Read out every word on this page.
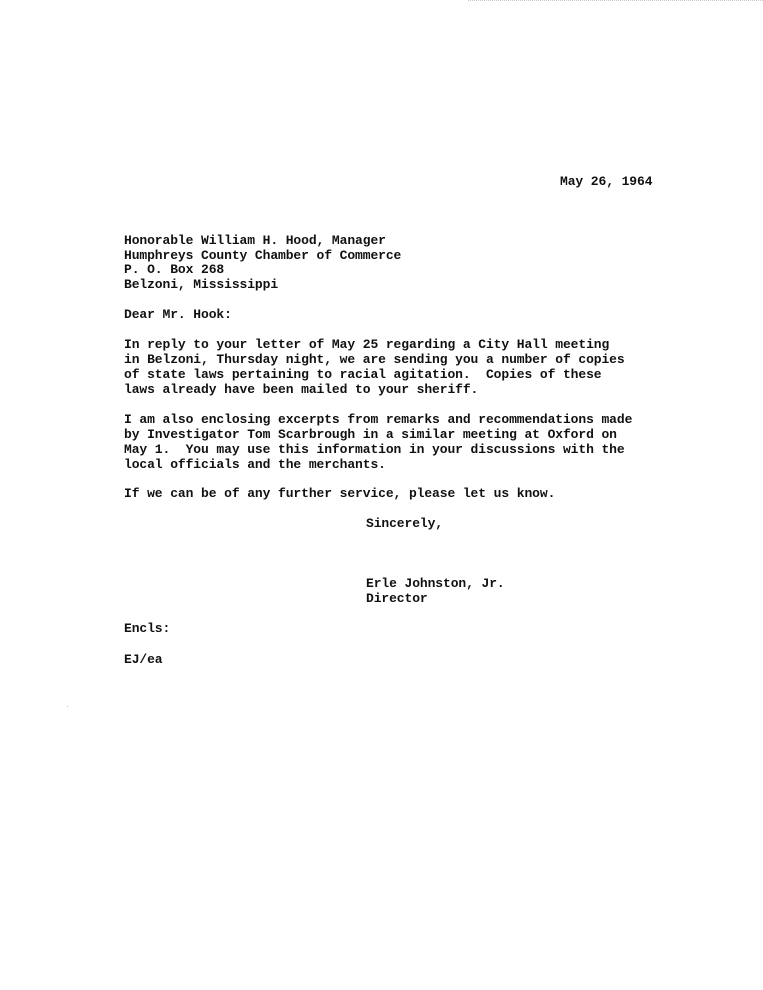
May 26, 1964
Honorable William H. Hood, Manager
Humphreys County Chamber of Commerce
P. O. Box 268
Belzoni, Mississippi
Dear Mr. Hook:
In reply to your letter of May 25 regarding a City Hall meeting
in Belzoni, Thursday night, we are sending you a number of copies
of state laws pertaining to racial agitation.  Copies of these
laws already have been mailed to your sheriff.
I am also enclosing excerpts from remarks and recommendations made
by Investigator Tom Scarbrough in a similar meeting at Oxford on
May 1.  You may use this information in your discussions with the
local officials and the merchants.
If we can be of any further service, please let us know.
Sincerely,
Erle Johnston, Jr.
Director
Encls:
EJ/ea
